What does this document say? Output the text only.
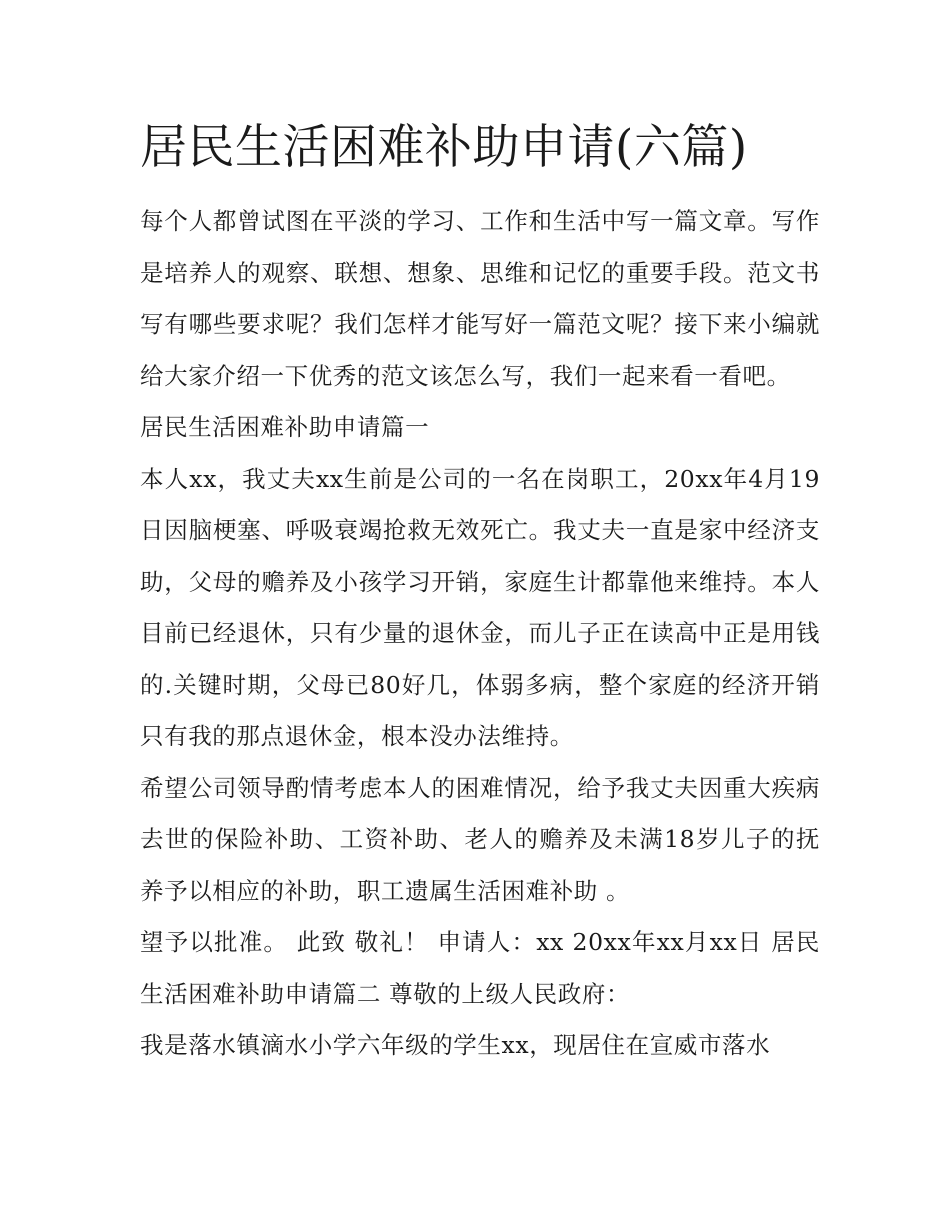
居民生活困难补助申请(六篇)

每个人都曾试图在平淡的学习、工作和生活中写一篇文章。写作是培养人的观察、联想、想象、思维和记忆的重要手段。范文书写有哪些要求呢？我们怎样才能写好一篇范文呢？接下来小编就给大家介绍一下优秀的范文该怎么写，我们一起来看一看吧。

居民生活困难补助申请篇一

本人xx，我丈夫xx生前是公司的一名在岗职工，20xx年4月19日因脑梗塞、呼吸衰竭抢救无效死亡。我丈夫一直是家中经济支助，父母的赡养及小孩学习开销，家庭生计都靠他来维持。本人目前已经退休，只有少量的退休金，而儿子正在读高中正是用钱的.关键时期，父母已80好几，体弱多病，整个家庭的经济开销只有我的那点退休金，根本没办法维持。

希望公司领导酌情考虑本人的困难情况，给予我丈夫因重大疾病去世的保险补助、工资补助、老人的赡养及未满18岁儿子的抚养予以相应的补助，职工遗属生活困难补助 。

望予以批准。 此致 敬礼！ 申请人：xx 20xx年xx月xx日 居民生活困难补助申请篇二 尊敬的上级人民政府：

我是落水镇滴水小学六年级的学生xx，现居住在宣威市落水
